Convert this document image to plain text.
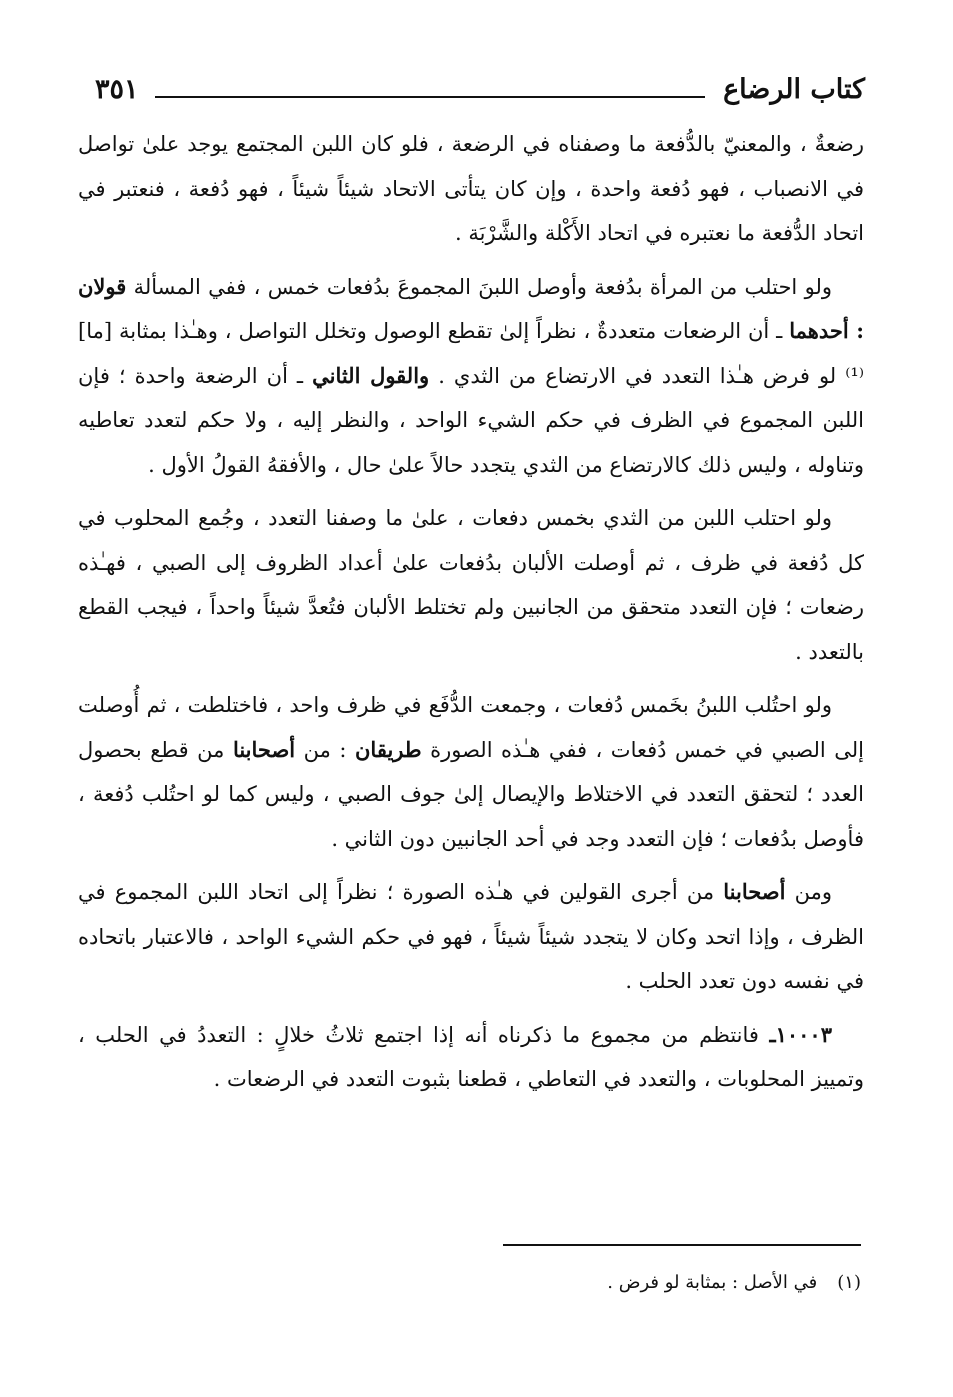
كتاب الرضاع
٣٥١

رضعةٌ ، والمعنيّ بالدُّفعة ما وصفناه في الرضعة ، فلو كان اللبن المجتمع يوجد علىٰ تواصل في الانصباب ، فهو دُفعة واحدة ، وإن كان يتأتى الاتحاد شيئاً شيئاً ، فهو دُفعة ، فنعتبر في اتحاد الدُّفعة ما نعتبره في اتحاد الأَكْلة والشَّرْبَة .

ولو احتلب من المرأة بدُفعة وأوصل اللبنَ المجموعَ بدُفعات خمس ، ففي المسألة قولان : أحدهما ـ أن الرضعات متعددةٌ ، نظراً إلىٰ تقطع الوصول وتخلل التواصل ، وهـٰذا بمثابة [ما]⁽¹⁾ لو فرض هـٰذا التعدد في الارتضاع من الثدي . والقول الثاني ـ أن الرضعة واحدة ؛ فإن اللبن المجموع في الظرف في حكم الشيء الواحد ، والنظر إليه ، ولا حكم لتعدد تعاطيه وتناوله ، وليس ذلك كالارتضاع من الثدي يتجدد حالاً علىٰ حال ، والأفقهُ القولُ الأول .

ولو احتلب اللبن من الثدي بخمس دفعات ، علىٰ ما وصفنا التعدد ، وجُمع المحلوب في كل دُفعة في ظرف ، ثم أوصلت الألبان بدُفعات علىٰ أعداد الظروف إلى الصبي ، فهـٰذه رضعات ؛ فإن التعدد متحقق من الجانبين ولم تختلط الألبان فتُعدَّ شيئاً واحداً ، فيجب القطع بالتعدد .

ولو احتُلب اللبنُ بخَمس دُفعات ، وجمعت الدُّفَع في ظرف واحد ، فاختلطت ، ثم أُوصلت إلى الصبي في خمس دُفعات ، ففي هـٰذه الصورة طريقان : من أصحابنا من قطع بحصول العدد ؛ لتحقق التعدد في الاختلاط والإيصال إلىٰ جوف الصبي ، وليس كما لو احتُلب دُفعة ، فأوصل بدُفعات ؛ فإن التعدد وجد في أحد الجانبين دون الثاني .

ومن أصحابنا من أجرى القولين في هـٰذه الصورة ؛ نظراً إلى اتحاد اللبن المجموع في الظرف ، وإذا اتحد وكان لا يتجدد شيئاً شيئاً ، فهو في حكم الشيء الواحد ، فالاعتبار باتحاده في نفسه دون تعدد الحلب .

١٠٠٠٣ـ فانتظم من مجموع ما ذكرناه أنه إذا اجتمع ثلاثُ خلالٍ : التعددُ في الحلب ، وتمييز المحلوبات ، والتعدد في التعاطي ، قطعنا بثبوت التعدد في الرضعات .

(١)في الأصل : بمثابة لو فرض .
